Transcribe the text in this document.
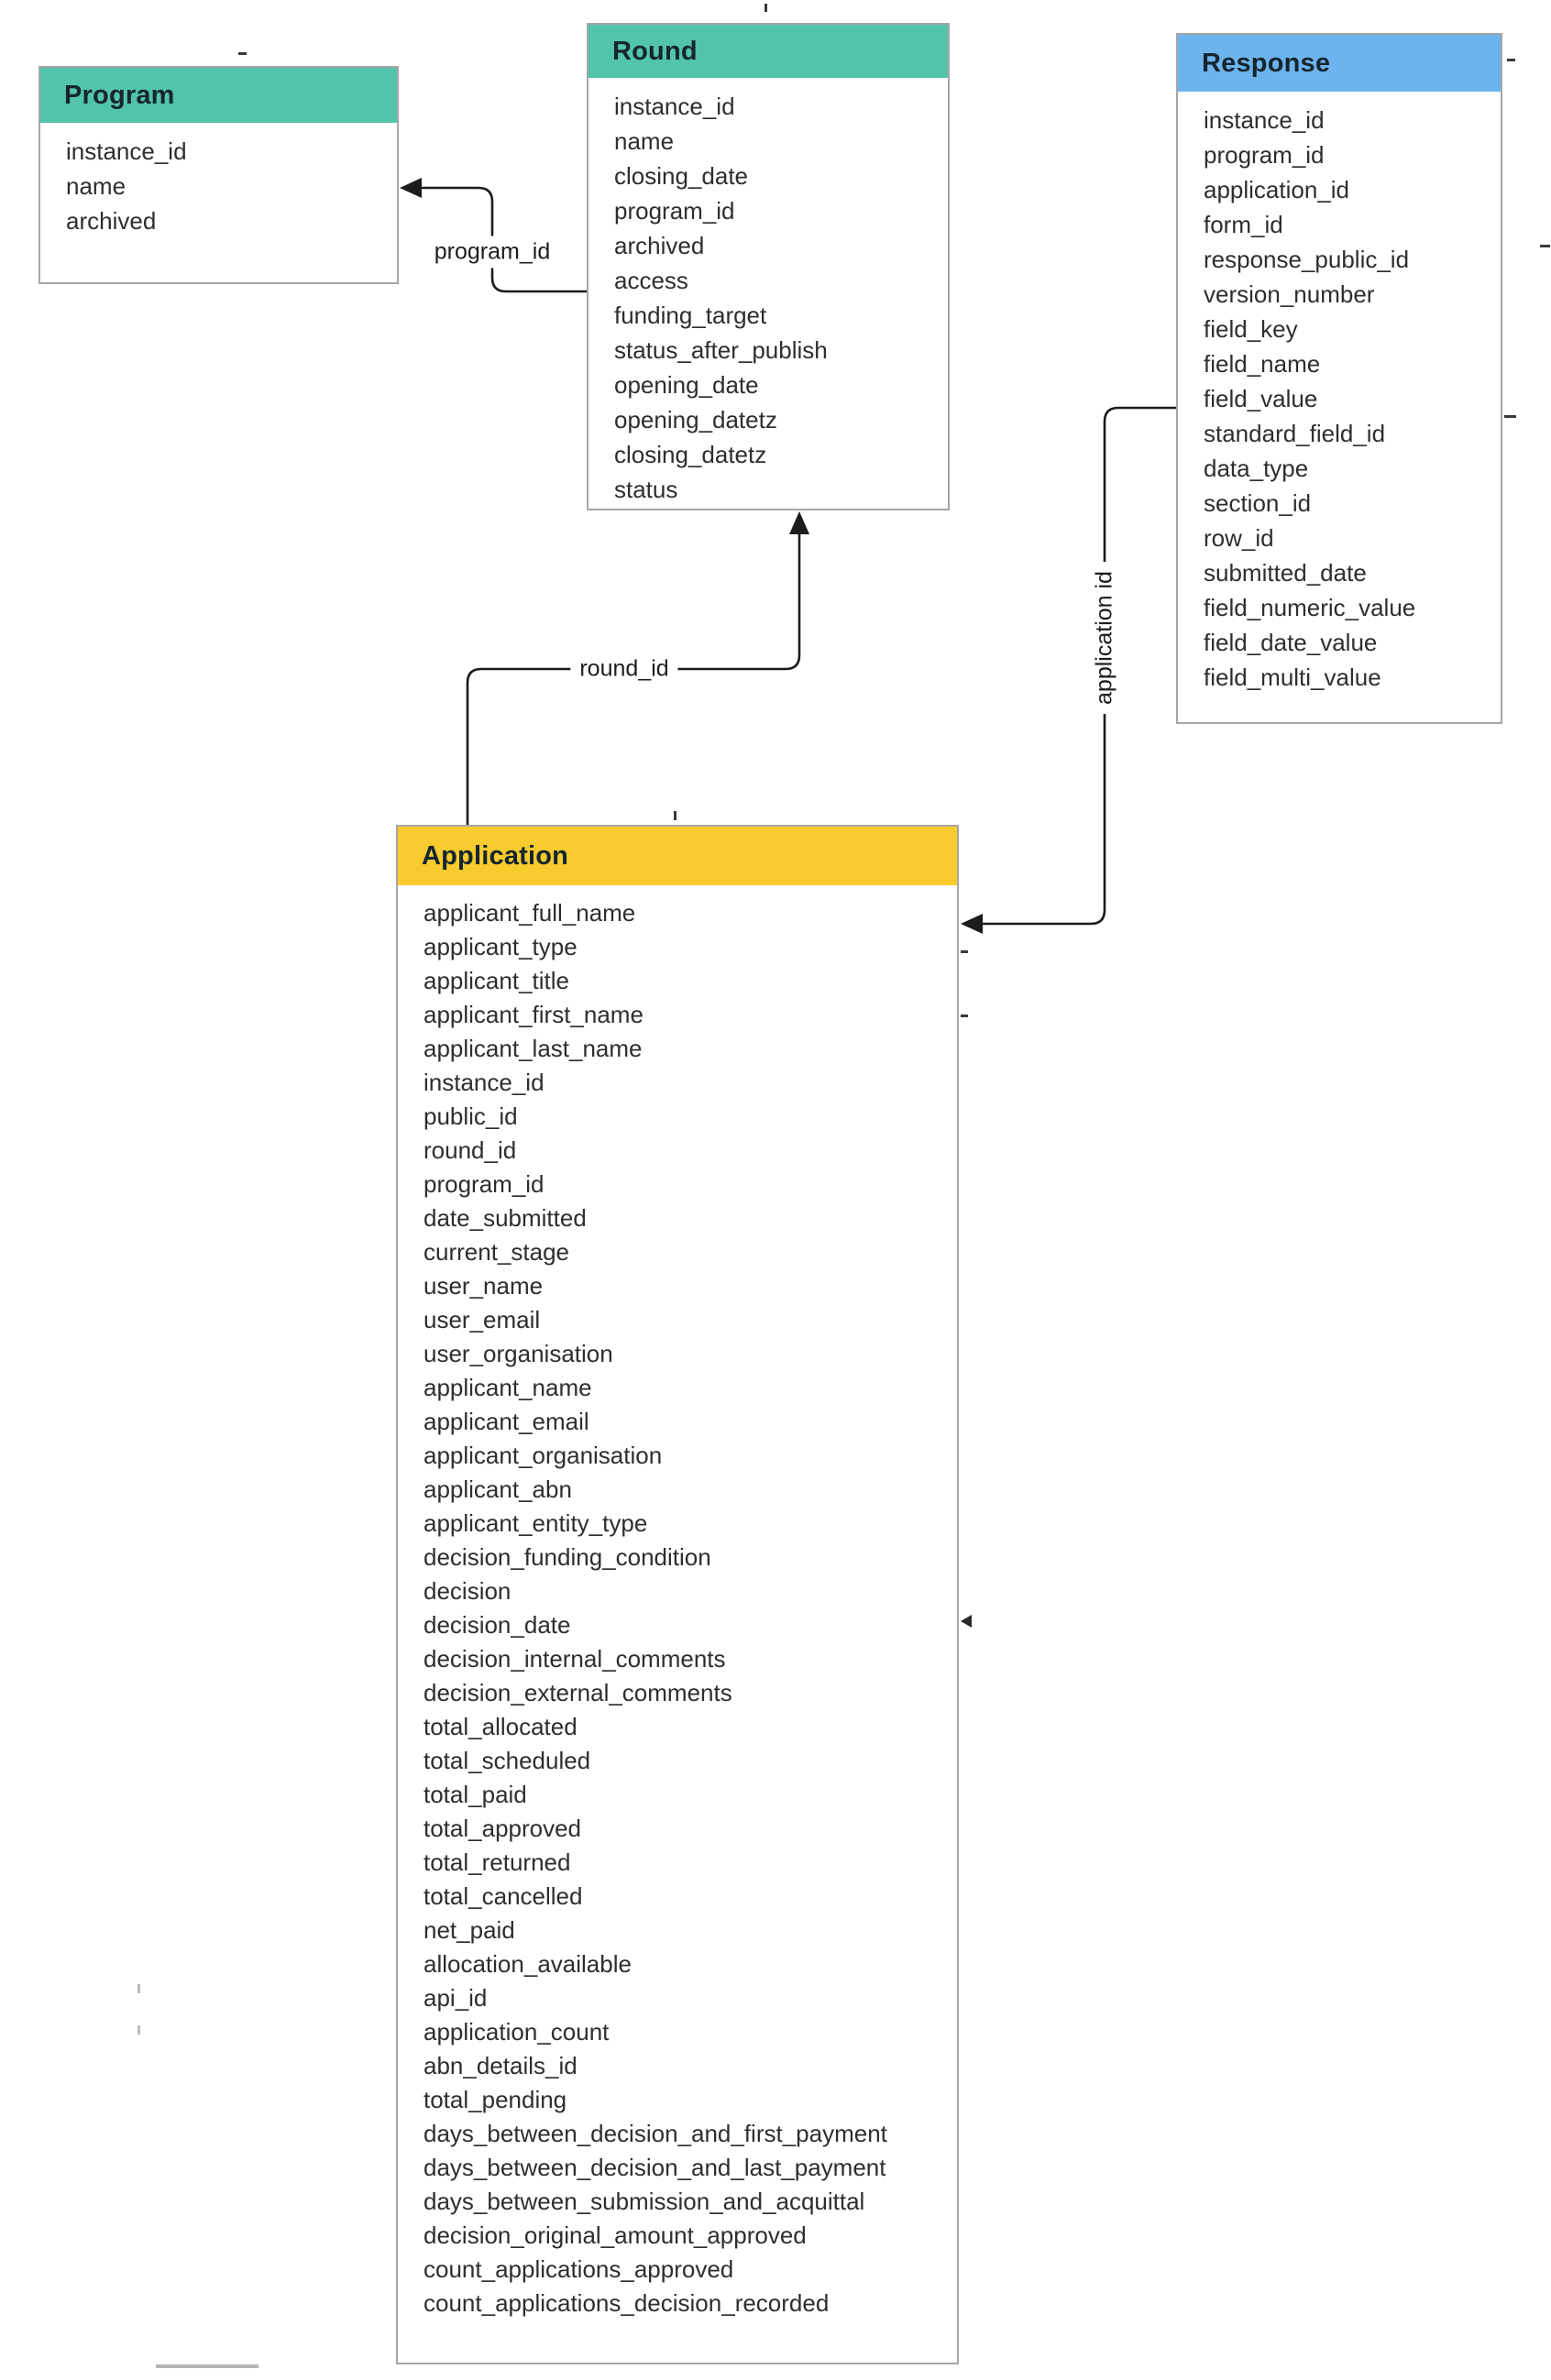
Program
instance_id
name
archived
Round
instance_id
name
closing_date
program_id
archived
access
funding_target
status_after_publish
opening_date
opening_datetz
closing_datetz
status
Response
instance_id
program_id
application_id
form_id
response_public_id
version_number
field_key
field_name
field_value
standard_field_id
data_type
section_id
row_id
submitted_date
field_numeric_value
field_date_value
field_multi_value
Application
applicant_full_name
applicant_type
applicant_title
applicant_first_name
applicant_last_name
instance_id
public_id
round_id
program_id
date_submitted
current_stage
user_name
user_email
user_organisation
applicant_name
applicant_email
applicant_organisation
applicant_abn
applicant_entity_type
decision_funding_condition
decision
decision_date
decision_internal_comments
decision_external_comments
total_allocated
total_scheduled
total_paid
total_approved
total_returned
total_cancelled
net_paid
allocation_available
api_id
application_count
abn_details_id
total_pending
days_between_decision_and_first_payment
days_between_decision_and_last_payment
days_between_submission_and_acquittal
decision_original_amount_approved
count_applications_approved
count_applications_decision_recorded
program_id
round_id	application id
